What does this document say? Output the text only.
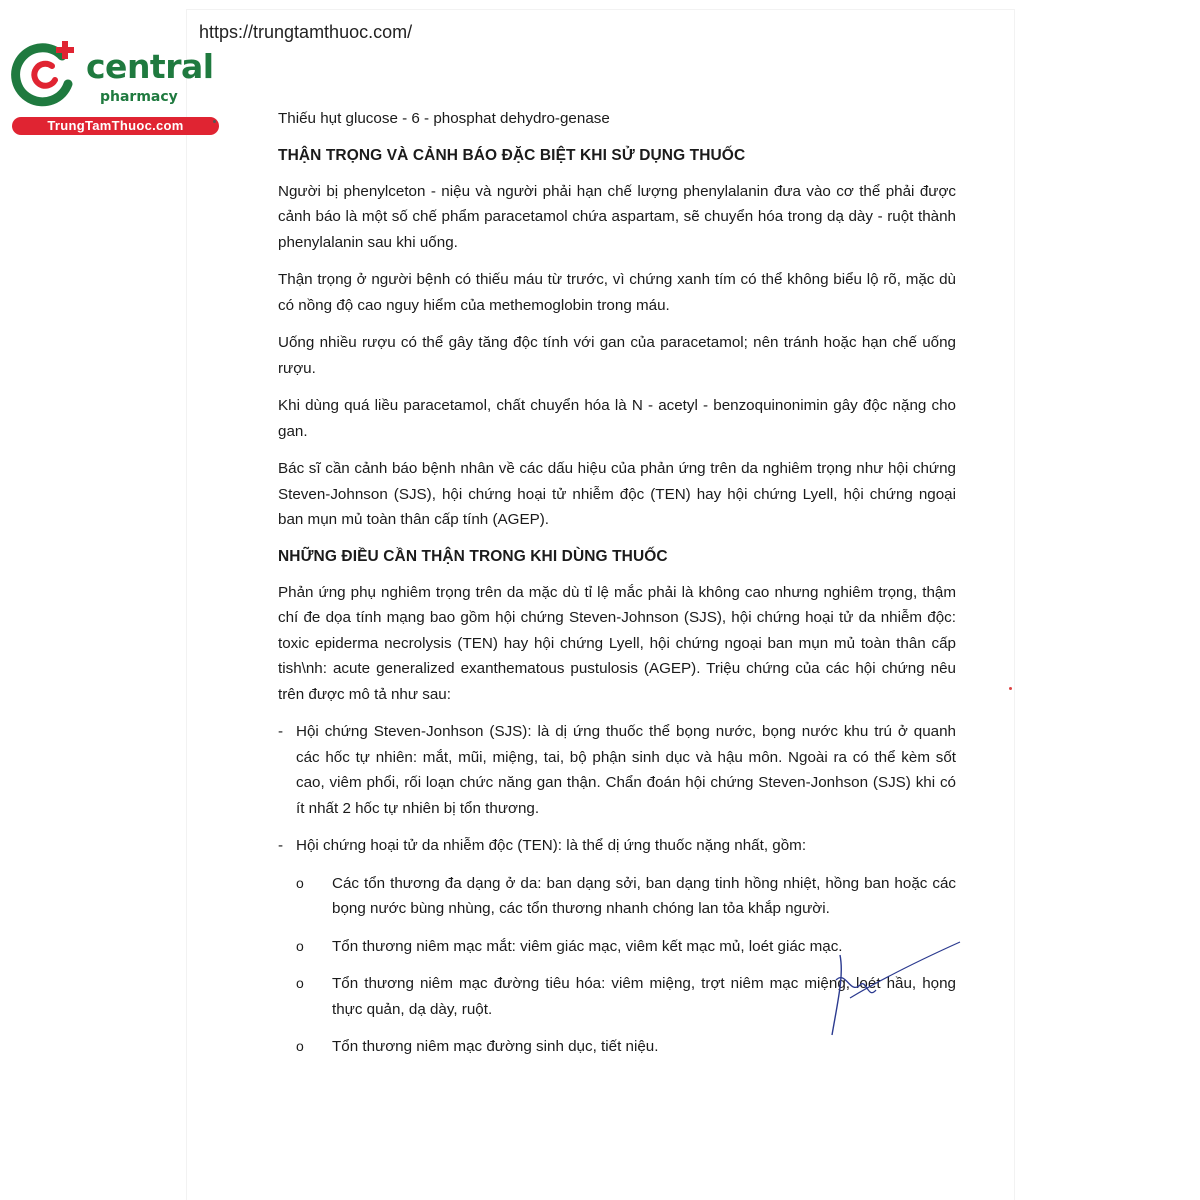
https://trungtamthuoc.com/
central
pharmacy
TrungTamThuoc.com	Thiếu hụt glucose - 6 - phosphat dehydro-genase

THẬN TRỌNG VÀ CẢNH BÁO ĐẶC BIỆT KHI SỬ DỤNG THUỐC

Người bị phenylceton - niệu và người phải hạn chế lượng phenylalanin đưa vào cơ thể phải được cảnh báo là một số chế phẩm paracetamol chứa aspartam, sẽ chuyển hóa trong dạ dày - ruột thành phenylalanin sau khi uống.

Thận trọng ở người bệnh có thiếu máu từ trước, vì chứng xanh tím có thể không biểu lộ rõ, mặc dù có nồng độ cao nguy hiểm của methemoglobin trong máu.

Uống nhiều rượu có thể gây tăng độc tính với gan của paracetamol; nên tránh hoặc hạn chế uống rượu.

Khi dùng quá liều paracetamol, chất chuyển hóa là N - acetyl - benzoquinonimin gây độc nặng cho gan.

Bác sĩ cần cảnh báo bệnh nhân về các dấu hiệu của phản ứng trên da nghiêm trọng như hội chứng Steven-Johnson (SJS), hội chứng hoại tử nhiễm độc (TEN) hay hội chứng Lyell, hội chứng ngoại ban mụn mủ toàn thân cấp tính (AGEP).

NHỮNG ĐIỀU CẦN THẬN TRONG KHI DÙNG THUỐC

Phản ứng phụ nghiêm trọng trên da mặc dù tỉ lệ mắc phải là không cao nhưng nghiêm trọng, thậm chí đe dọa tính mạng bao gồm hội chứng Steven-Johnson (SJS), hội chứng hoại tử da nhiễm độc: toxic epiderma necrolysis (TEN) hay hội chứng Lyell, hội chứng ngoại ban mụn mủ toàn thân cấp tish\nh: acute generalized exanthematous pustulosis (AGEP). Triệu chứng của các hội chứng nêu trên được mô tả như sau:

- Hội chứng Steven-Jonhson (SJS): là dị ứng thuốc thể bọng nước, bọng nước khu trú ở quanh các hốc tự nhiên: mắt, mũi, miệng, tai, bộ phận sinh dục và hậu môn. Ngoài ra có thể kèm sốt cao, viêm phổi, rối loạn chức năng gan thận. Chẩn đoán hội chứng Steven-Jonhson (SJS) khi có ít nhất 2 hốc tự nhiên bị tổn thương.

- Hội chứng hoại tử da nhiễm độc (TEN): là thể dị ứng thuốc nặng nhất, gồm:

o Các tổn thương đa dạng ở da: ban dạng sởi, ban dạng tinh hồng nhiệt, hồng ban hoặc các bọng nước bùng nhùng, các tổn thương nhanh chóng lan tỏa khắp người.

o Tổn thương niêm mạc mắt: viêm giác mạc, viêm kết mạc mủ, loét giác mạc.

o Tổn thương niêm mạc đường tiêu hóa: viêm miệng, trợt niêm mạc miệng, loét hầu, họng thực quản, dạ dày, ruột.

o Tổn thương niêm mạc đường sinh dục, tiết niệu.
